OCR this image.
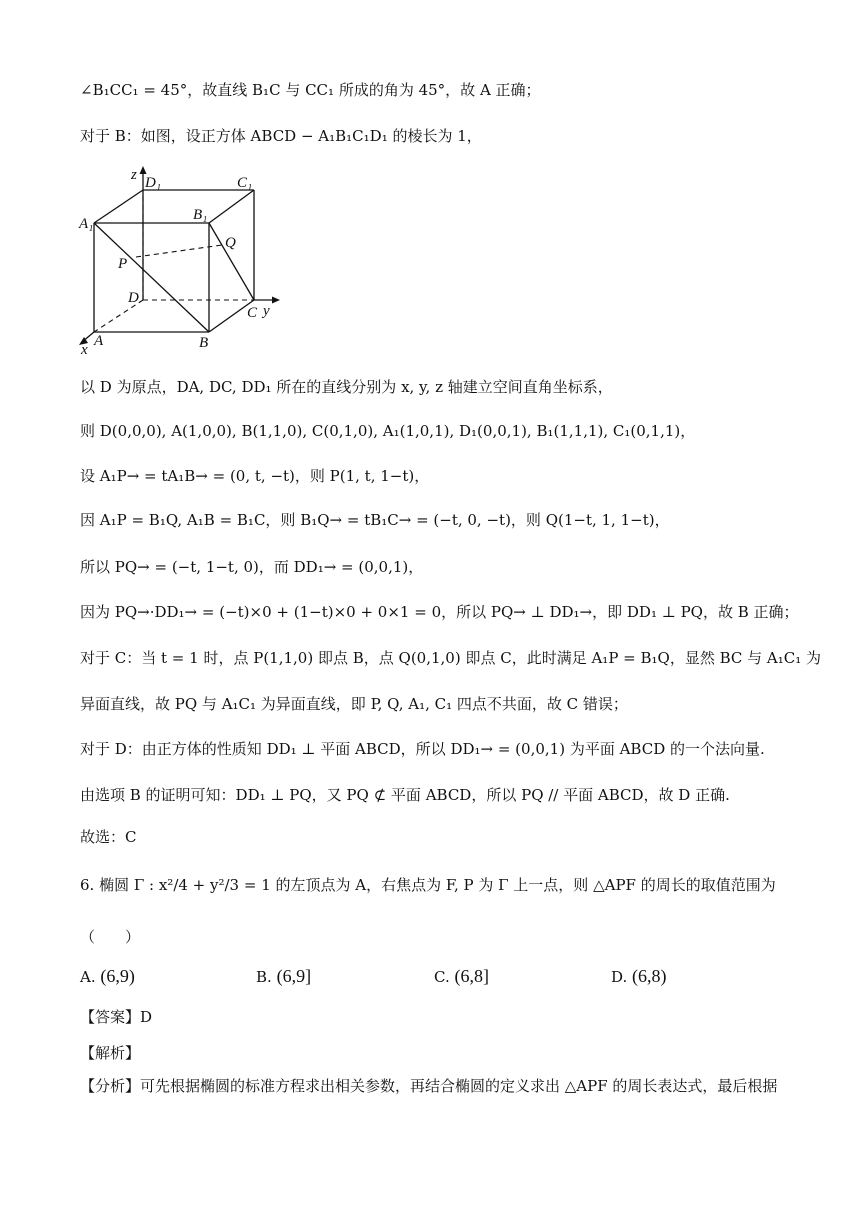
∠B₁CC₁ = 45°，故直线 B₁C 与 CC₁ 所成的角为 45°，故 A 正确；
对于 B：如图，设正方体 ABCD − A₁B₁C₁D₁ 的棱长为 1，
z D₁	C₁
A₁
B₁
Q
P
D
C y
A
x	B
以 D 为原点，DA, DC, DD₁ 所在的直线分别为 x, y, z 轴建立空间直角坐标系，
则 D(0,0,0), A(1,0,0), B(1,1,0), C(0,1,0), A₁(1,0,1), D₁(0,0,1), B₁(1,1,1), C₁(0,1,1)，
设 A₁P→ = tA₁B→ = (0, t, −t)，则 P(1, t, 1−t)，
因 A₁P = B₁Q, A₁B = B₁C，则 B₁Q→ = tB₁C→ = (−t, 0, −t)，则 Q(1−t, 1, 1−t)，
所以 PQ→ = (−t, 1−t, 0)，而 DD₁→ = (0,0,1)，
因为 PQ→·DD₁→ = (−t)×0 + (1−t)×0 + 0×1 = 0，所以 PQ→ ⊥ DD₁→，即 DD₁ ⊥ PQ，故 B 正确；
对于 C：当 t = 1 时，点 P(1,1,0) 即点 B，点 Q(0,1,0) 即点 C，此时满足 A₁P = B₁Q，显然 BC 与 A₁C₁ 为
异面直线，故 PQ 与 A₁C₁ 为异面直线，即 P, Q, A₁, C₁ 四点不共面，故 C 错误；
对于 D：由正方体的性质知 DD₁ ⊥ 平面 ABCD，所以 DD₁→ = (0,0,1) 为平面 ABCD 的一个法向量.
由选项 B 的证明可知：DD₁ ⊥ PQ，又 PQ ⊄ 平面 ABCD，所以 PQ // 平面 ABCD，故 D 正确.
故选：C
6. 椭圆 Γ : x²/4 + y²/3 = 1 的左顶点为 A，右焦点为 F, P 为 Γ 上一点，则 △APF 的周长的取值范围为
（　　）
A. (6,9)	B. (6,9]	C. (6,8]	D. (6,8)
【答案】D
【解析】
【分析】可先根据椭圆的标准方程求出相关参数，再结合椭圆的定义求出 △APF 的周长表达式，最后根据
